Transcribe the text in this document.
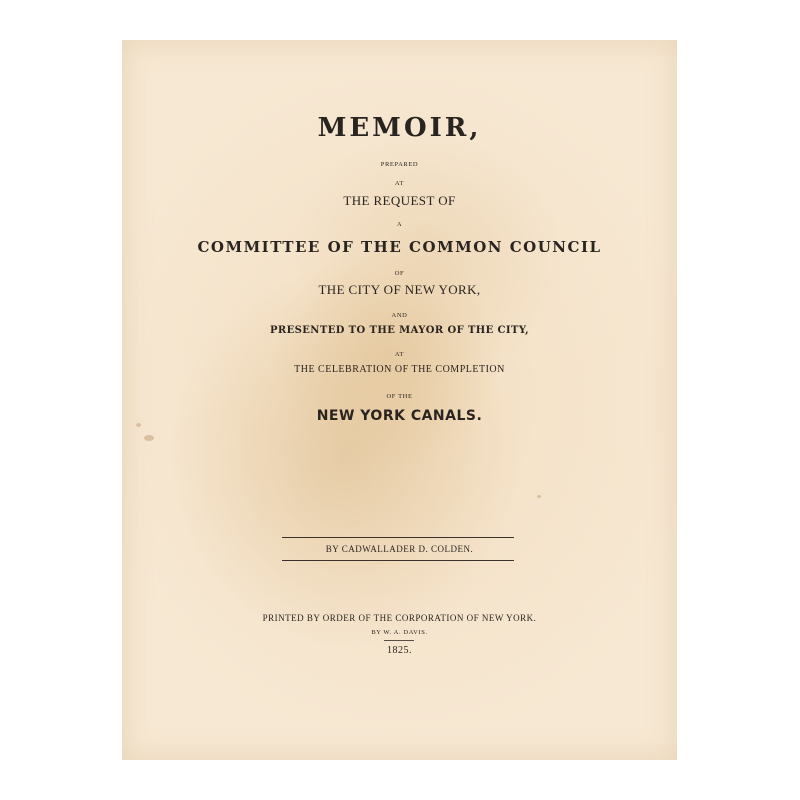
MEMOIR,
PREPARED
AT
THE REQUEST OF
A
COMMITTEE OF THE COMMON COUNCIL
OF
THE CITY OF NEW YORK,
AND
PRESENTED TO THE MAYOR OF THE CITY,
AT
THE CELEBRATION OF THE COMPLETION
OF THE
NEW YORK CANALS.
BY CADWALLADER D. COLDEN.
PRINTED BY ORDER OF THE CORPORATION OF NEW YORK.
BY W. A. DAVIS.
1825.
